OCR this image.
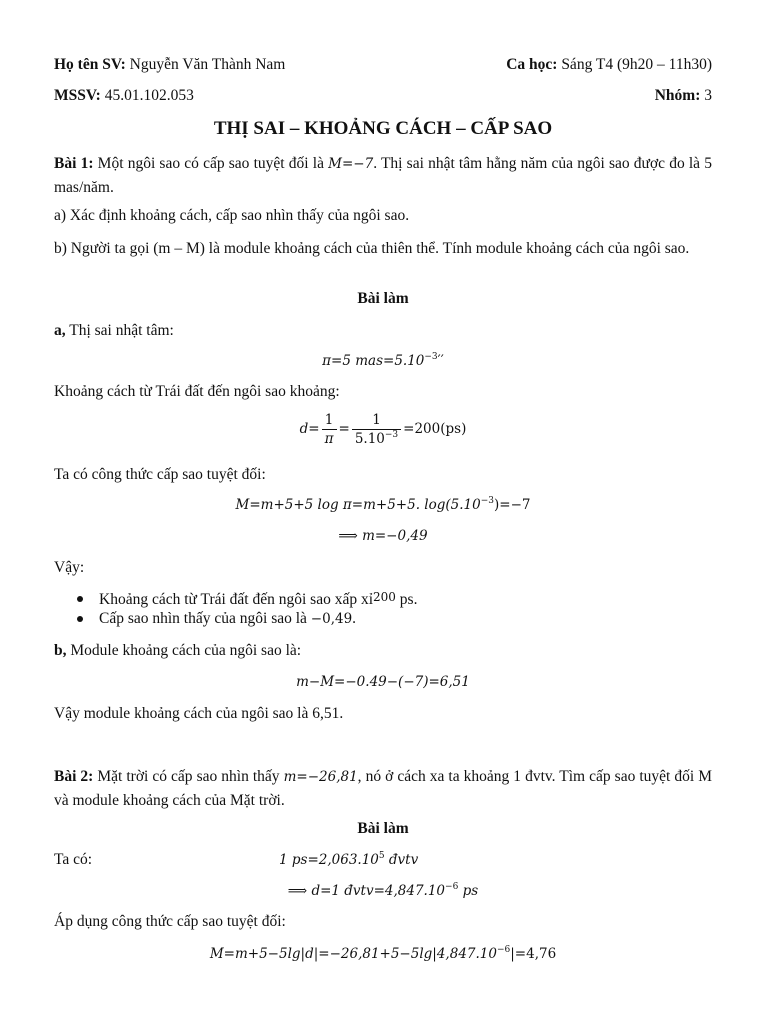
Họ tên SV: Nguyễn Văn Thành Nam	Ca học: Sáng T4 (9h20 – 11h30)
MSSV: 45.01.102.053	Nhóm: 3
THỊ SAI – KHOẢNG CÁCH – CẤP SAO
Bài 1: Một ngôi sao có cấp sao tuyệt đối là M=−7. Thị sai nhật tâm hằng năm của ngôi sao được đo là 5 mas/năm.
a) Xác định khoảng cách, cấp sao nhìn thấy của ngôi sao.
b) Người ta gọi (m – M) là module khoảng cách của thiên thể. Tính module khoảng cách của ngôi sao.
Bài làm
a, Thị sai nhật tâm:
π=5 $mas=5.10^{-3}''$
Khoảng cách từ Trái đất đến ngôi sao khoảng:
$d= \frac{1}{\pi} = \frac{1}{5.10^{-3}} =200(ps)$
Ta có công thức cấp sao tuyệt đối:
M=m+5+5 log π=m+5+5. $\log(5.10^{-3})=-7$
⟹ m=−0,49
Vậy:
Khoảng cách từ Trái đất đến ngôi sao xấp xỉ200 ps.
Cấp sao nhìn thấy của ngôi sao là −0,49.
b, Module khoảng cách của ngôi sao là:
m−M=−0.49−(−7)=6,51
Vậy module khoảng cách của ngôi sao là 6,51.
Bài 2: Mặt trời có cấp sao nhìn thấy m=−26,81, nó ở cách xa ta khoảng 1 đvtv. Tìm cấp sao tuyệt đối M và module khoảng cách của Mặt trời.
Bài làm
Ta có:	1 $ps=2,063.10^5$ đvtv
⟹ d=1 $đvtv=4,847.10^{-6}$ ps
Áp dụng công thức cấp sao tuyệt đối:
$M=m+5-5\lg|d|=-26,81+5-5\lg|4,847.10^{-6}|=4,76$
